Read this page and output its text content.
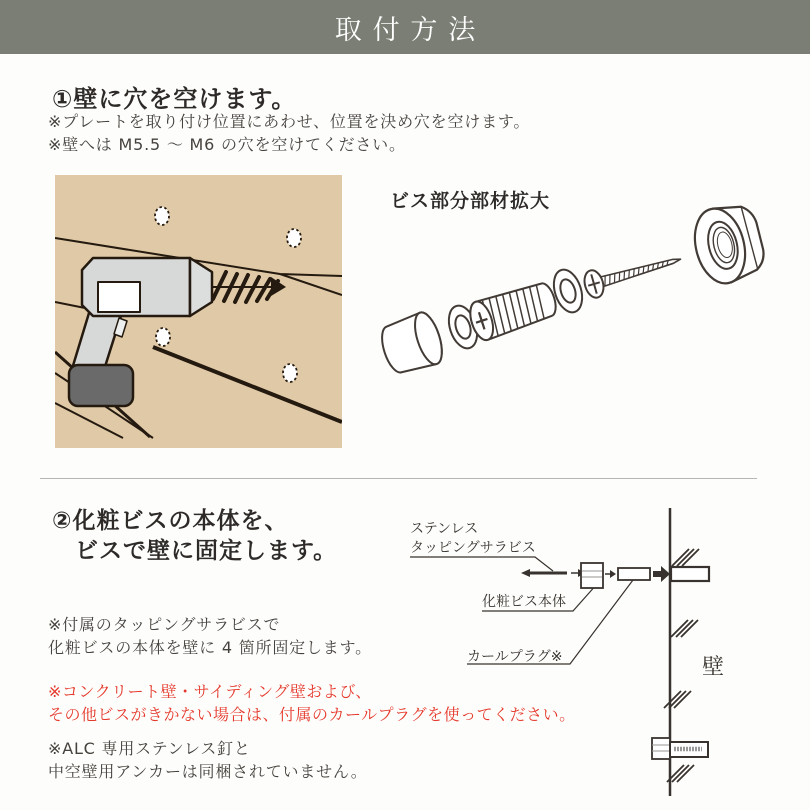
取付方法
①壁に穴を空けます。
※プレートを取り付け位置にあわせ、位置を決め穴を空けます。
※壁へは M5.5 〜 M6 の穴を空けてください。
ビス部分部材拡大
②化粧ビスの本体を、
ビスで壁に固定します。
※付属のタッピングサラビスで
化粧ビスの本体を壁に 4 箇所固定します。
※コンクリート壁・サイディング壁および、
その他ビスがきかない場合は、付属のカールプラグを使ってください。
※ALC 専用ステンレス釘と
中空壁用アンカーは同梱されていません。
ステンレス
タッピングサラビス
化粧ビス本体
カールプラグ※	壁
